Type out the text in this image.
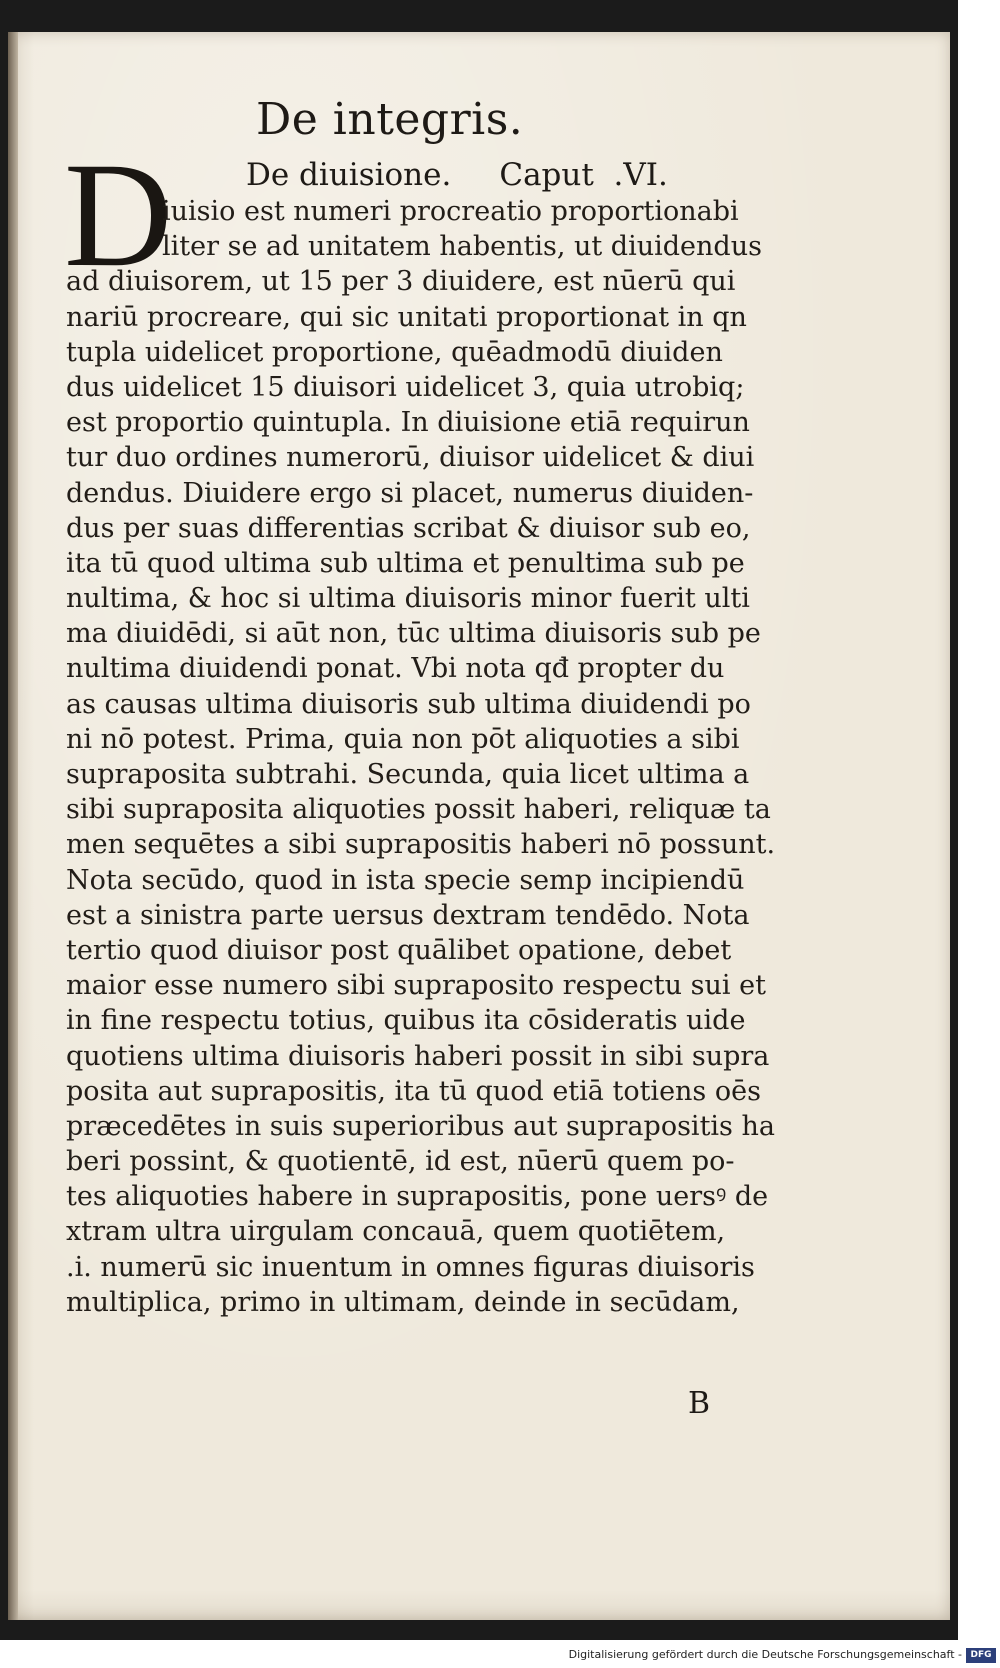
De integris.
D De diuisione. Caput .VI.
iuisio est numeri procreatio proportionabi
liter se ad unitatem habentis, ut diuidendus
ad diuisorem, ut 15 per 3 diuidere, est nūerū qui
nariū procreare, qui sic unitati proportionat in qn
tupla uidelicet proportione, quēadmodū diuiden
dus uidelicet 15 diuisori uidelicet 3, quia utrobiq;
est proportio quintupla. In diuisione etiā requirun
tur duo ordines numerorū, diuisor uidelicet & diui
dendus. Diuidere ergo si placet, numerus diuiden-
dus per suas differentias scribat & diuisor sub eo,
ita tū quod ultima sub ultima et penultima sub pe
nultima, & hoc si ultima diuisoris minor fuerit ulti
ma diuidēdi, si aūt non, tūc ultima diuisoris sub pe
nultima diuidendi ponat. Vbi nota qđ propter du
as causas ultima diuisoris sub ultima diuidendi po
ni nō potest. Prima, quia non pōt aliquoties a sibi
suprapositа subtrahi. Secunda, quia licet ultima a
sibi supraposita aliquoties possit haberi, reliquæ ta
men sequētes a sibi suprapositis haberi nō possunt.
Nota secūdo, quod in ista specie semp incipiendū
est a sinistra parte uersus dextram tendēdo. Nota
tertio quod diuisor post quālibet opatione, debet
maior esse numero sibi supraposito respectu sui et
in fine respectu totius, quibus ita cōsideratis uide
quotiens ultima diuisoris haberi possit in sibi supra
posita aut suprapositis, ita tū quod etiā totiens oēs
præcedētes in suis superioribus aut suprapositis ha
beri possint, & quotientē, id est, nūerū quem po-
tes aliquoties habere in suprapositis, pone uersꝰ de
xtram ultra uirgulam concauā, quem quotiētem,
.i. numerū sic inuentum in omnes figuras diuisoris
multiplica, primo in ultimam, deinde in secūdam,
B
Digitalisierung gefördert durch die Deutsche Forschungsgemeinschaft - DFG
